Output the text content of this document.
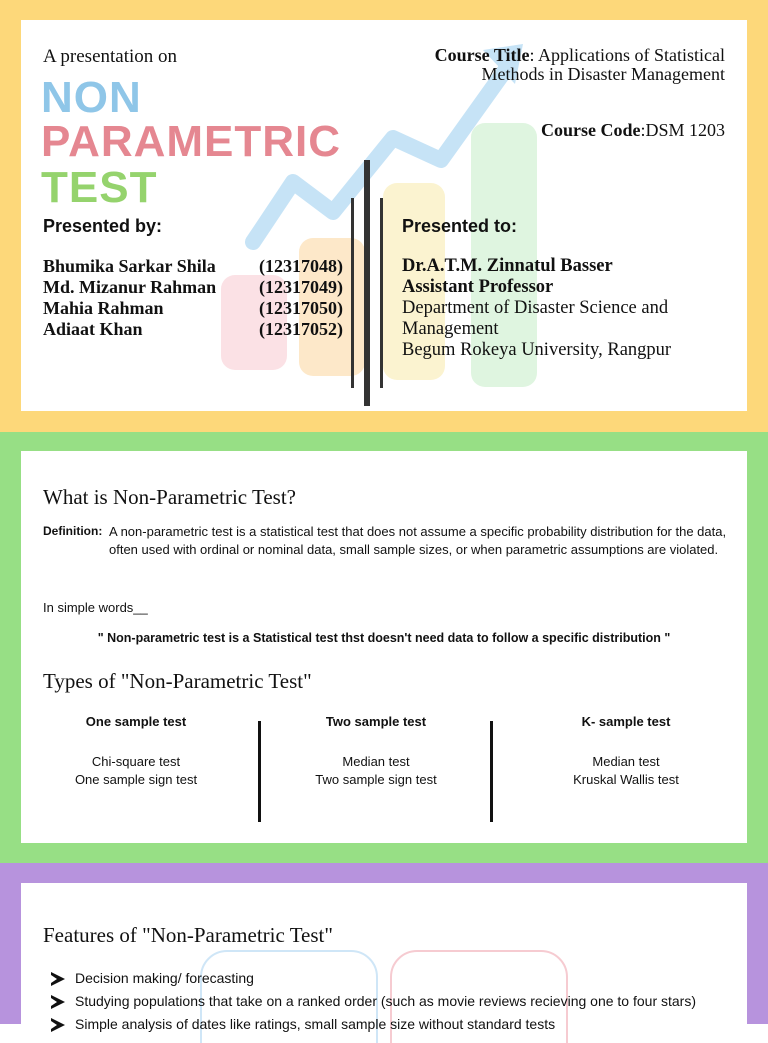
A presentation on
NON
PARAMETRIC
TEST
Course Title: Applications of Statistical Methods in Disaster Management
Course Code:DSM 1203
Presented by:	Presented to:
Bhumika Sarkar Shila (12317048)
Md. Mizanur Rahman (12317049)
Mahia Rahman	(12317050)
Adiaat Khan	(12317052)
Dr.A.T.M. Zinnatul Basser
Assistant Professor
Department of Disaster Science and Management
Begum Rokeya University, Rangpur
What is Non-Parametric Test?
Definition: A non-parametric test is a statistical test that does not assume a specific probability distribution for the data, often used with ordinal or nominal data, small sample sizes, or when parametric assumptions are violated.
In simple words__
" Non-parametric test is a Statistical test thst doesn't need data to follow a specific distribution "
Types of "Non-Parametric Test"
One sample test
Chi-square test
One sample sign test
Two sample test
Median test
Two sample sign test
K- sample test
Median test
Kruskal Wallis test
Features of "Non-Parametric Test"
Decision making/ forecasting
Studying populations that take on a ranked order (such as movie reviews recieving one to four stars)
Simple analysis of dates like ratings, small sample size without standard tests
